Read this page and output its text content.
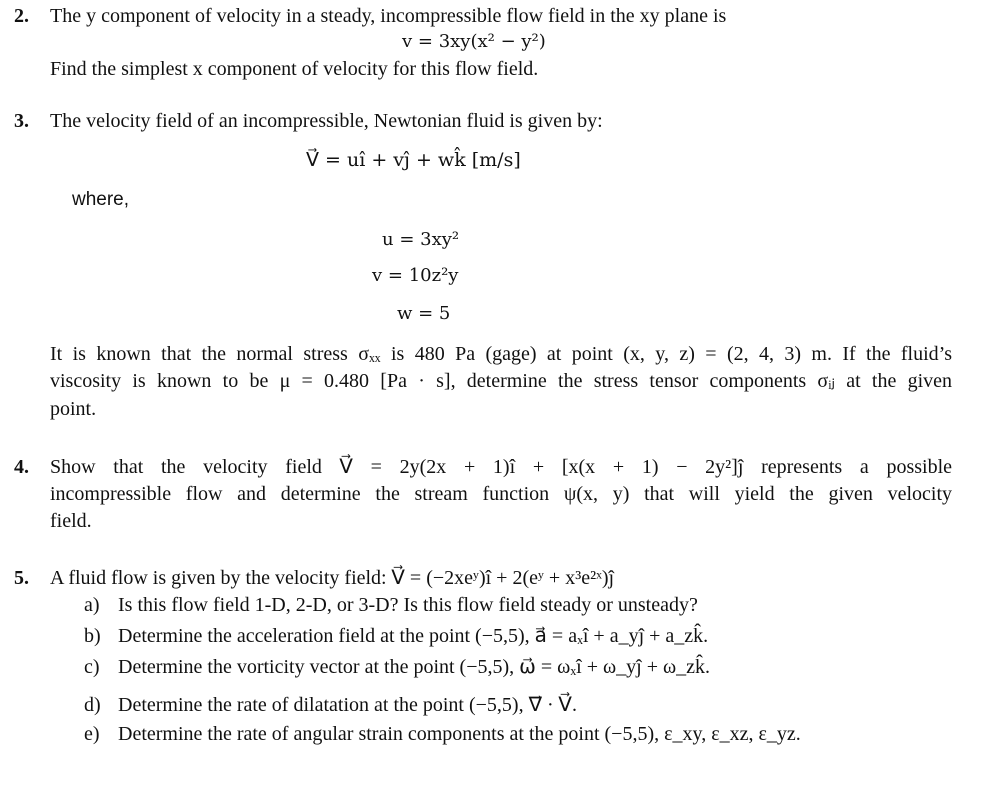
2. The y component of velocity in a steady, incompressible flow field in the xy plane is
v = 3xy(x² − y²)
Find the simplest x component of velocity for this flow field.
3. The velocity field of an incompressible, Newtonian fluid is given by:
V⃗ = uî + vĵ + wk̂ [m/s]
where,
u = 3xy²
v = 10z²y
w = 5
It is known that the normal stress σₓₓ is 480 Pa (gage) at point (x, y, z) = (2, 4, 3) m. If the fluid’s
viscosity is known to be μ = 0.480 [Pa · s], determine the stress tensor components σᵢⱼ at the given
point.
4. Show that the velocity field V⃗ = 2y(2x + 1)î + [x(x + 1) − 2y²]ĵ represents a possible
incompressible flow and determine the stream function ψ(x, y) that will yield the given velocity
field.
5. A fluid flow is given by the velocity field: V⃗ = (−2xeʸ)î + 2(eʸ + x³e²ˣ)ĵ
a) Is this flow field 1-D, 2-D, or 3-D? Is this flow field steady or unsteady?
b) Determine the acceleration field at the point (−5,5), a⃗ = aₓî + a_yĵ + a_zk̂.
c) Determine the vorticity vector at the point (−5,5), ω⃗ = ωₓî + ω_yĵ + ω_zk̂.
d) Determine the rate of dilatation at the point (−5,5), ∇⃗ · V⃗.
e) Determine the rate of angular strain components at the point (−5,5), ε_xy, ε_xz, ε_yz.
